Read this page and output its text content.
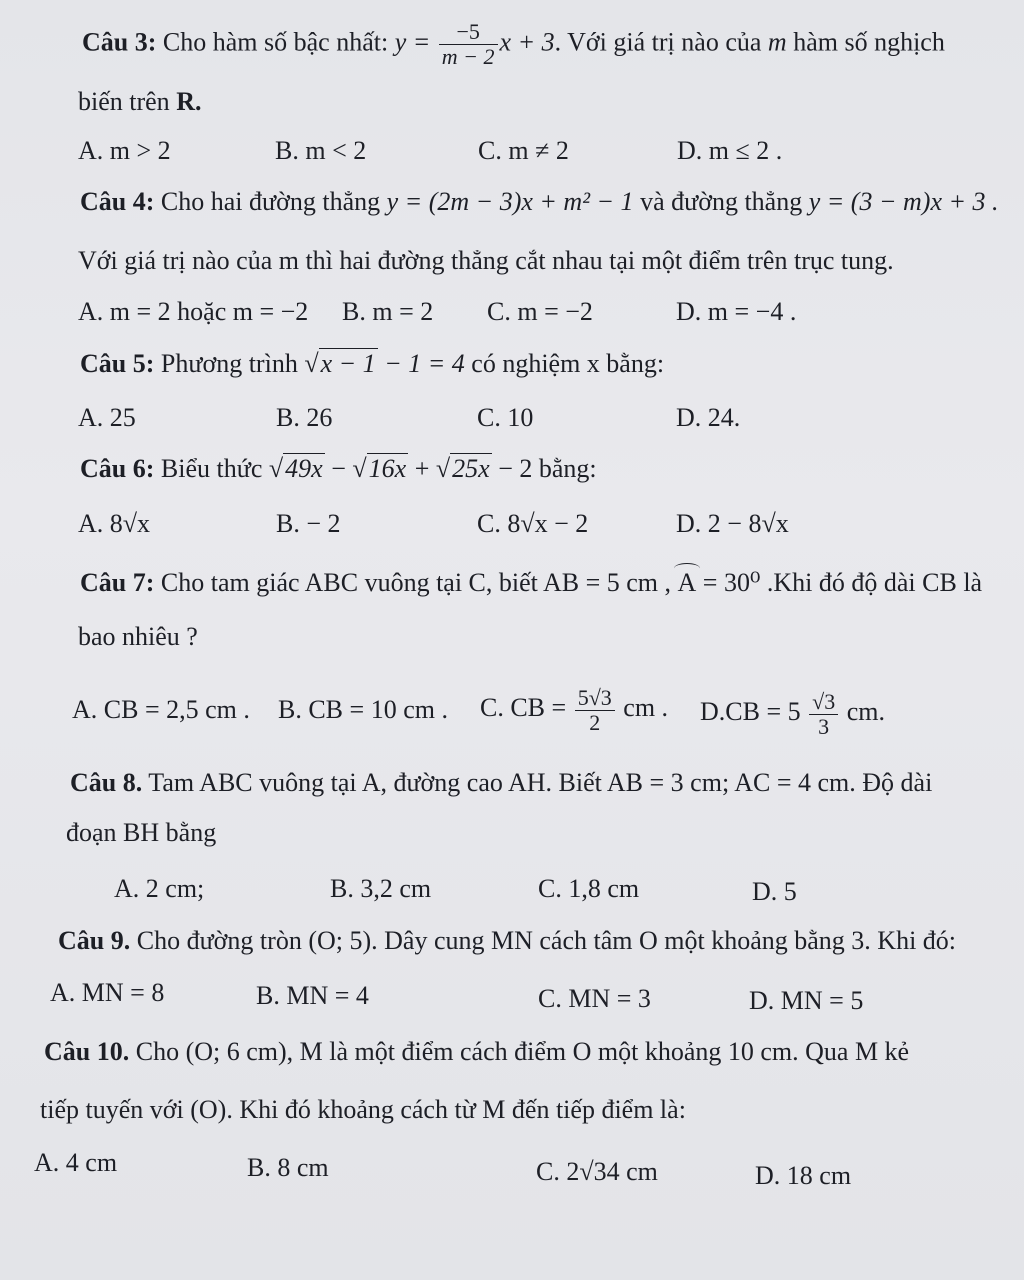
Câu 3: Cho hàm số bậc nhất: $y = \frac{-5}{m - 2}$ x + 3. Với giá trị nào của m hàm số nghịch
biến trên R.
A. m > 2	B. m < 2	C. m ≠ 2	D. m ≤ 2 .
Câu 4: Cho hai đường thẳng y = (2m − 3)x + m² − 1 và đường thẳng y = (3 − m)x + 3 .
Với giá trị nào của m thì hai đường thẳng cắt nhau tại một điểm trên trục tung.
A. m = 2 hoặc m = −2 B. m = 2 C. m = −2	D. m = −4 .
Câu 5: Phương trình √x − 1 − 1 = 4 có nghiệm x bằng:
A. 25	B. 26	C. 10	D. 24.
Câu 6: Biểu thức √49x − √16x + √25x − 2 bằng:
A. 8√x	B. − 2	C. 8√x − 2	D. 2 − 8√x
Câu 7: Cho tam giác ABC vuông tại C, biết AB = 5 cm , A = 30⁰ .Khi đó độ dài CB là
bao nhiêu ?
A. CB = 2,5 cm . B. CB = 10 cm . C. CB = $\frac{5√3}{2}$ cm . $D.CB = 5 \frac{√3}{3}$ cm.
Câu 8. Tam ABC vuông tại A, đường cao AH. Biết AB = 3 cm; AC = 4 cm. Độ dài
đoạn BH bằng
A. 2 cm;	B. 3,2 cm	C. 1,8 cm	D. 5
Câu 9. Cho đường tròn (O; 5). Dây cung MN cách tâm O một khoảng bằng 3. Khi đó:
A. MN = 8	B. MN = 4	C. MN = 3	D. MN = 5
Câu 10. Cho (O; 6 cm), M là một điểm cách điểm O một khoảng 10 cm. Qua M kẻ
tiếp tuyến với (O). Khi đó khoảng cách từ M đến tiếp điểm là:
A. 4 cm	B. 8 cm	C. 2√34 cm	D. 18 cm
